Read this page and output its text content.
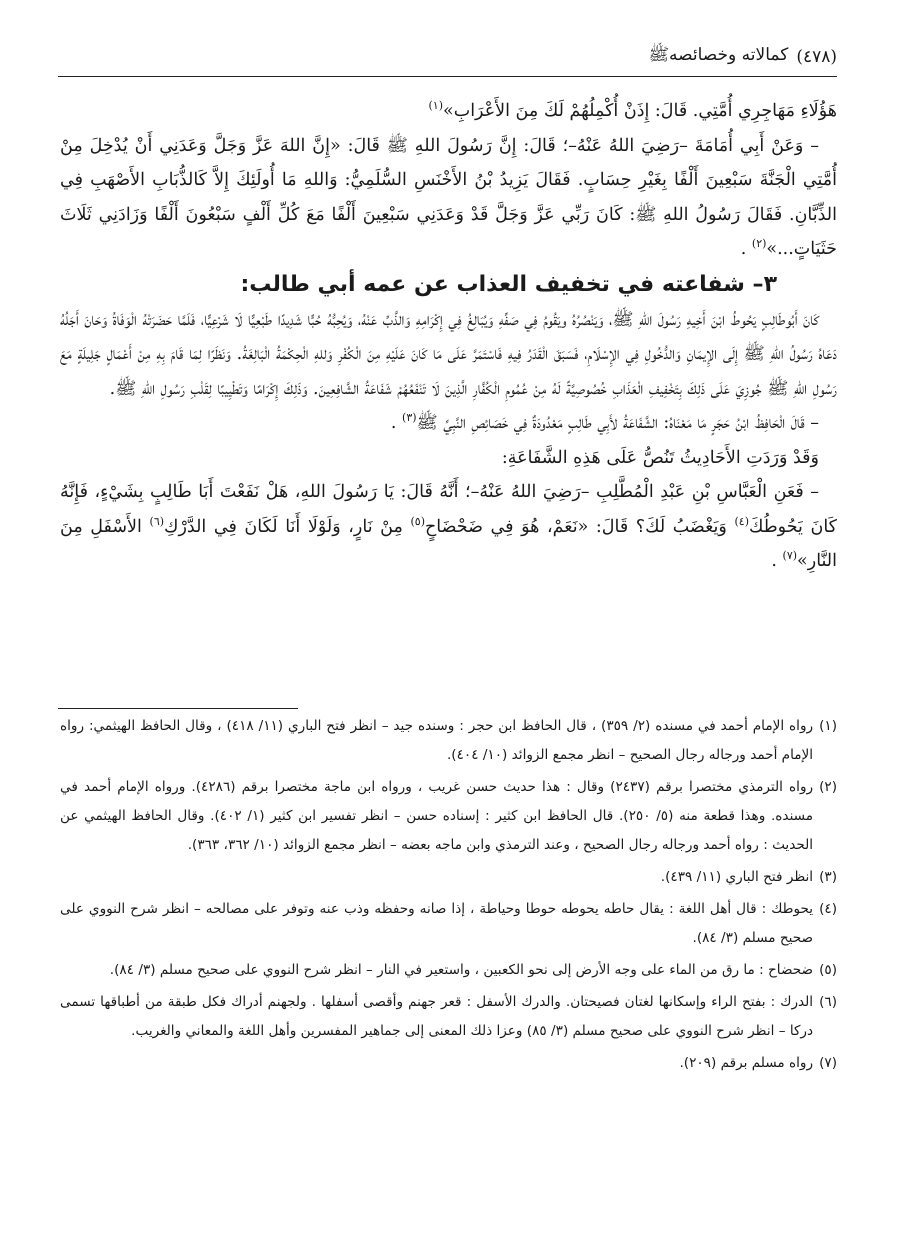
(٤٧٨)
كمالاته وخصائصهﷺ

هَؤُلَاءِ مَهَاجِرِي أُمَّتِي. قَالَ: إِذَنْ أُكْمِلُهُمْ لَكَ مِنَ الأَعْرَابِ»$^{(١)}$

– وَعَنْ أَبِي أُمَامَةَ –رَضِيَ اللهُ عَنْهُ–؛ قَالَ: إِنَّ رَسُولَ اللهِ ﷺ قَالَ: «إِنَّ اللهَ عَزَّ وَجَلَّ وَعَدَنِي أَنْ يُدْخِلَ مِنْ أُمَّتِي الْجَنَّةَ سَبْعِينَ أَلْفًا بِغَيْرِ حِسَابٍ. فَقَالَ يَزِيدُ بْنُ الأَخْنَسِ السُّلَمِيُّ: وَاللهِ مَا أُولَئِكَ إِلاَّ كَالذُّبَابِ الأَصْهَبِ فِي الذِّبَّانِ. فَقَالَ رَسُولُ اللهِ ﷺ: كَانَ رَبِّي عَزَّ وَجَلَّ قَدْ وَعَدَنِي سَبْعِينَ أَلْفًا مَعَ كُلِّ أَلْفٍ سَبْعُونَ أَلْفًا وَزَادَنِي ثَلَاثَ حَثَيَاتٍ...»$^{(٢)}$ .

٣– شفاعته في تخفيف العذاب عن عمه أبي طالب:

كَانَ أَبُوطَالِبٍ يَحُوطُ ابْنَ أَخِيهِ رَسُولَ اللهِ ﷺ، وَيَنْصُرُهُ ويَقُومُ فِي صَفِّهِ وَيُبَالِغُ فِي إِكْرَامِهِ وَالذَّبِّ عَنْهُ، وَيُحِبُّهُ حُبًّا شَدِيدًا طَبْعِيًّا لَا شَرْعِيًّا، فَلَمَّا حَضَرَتْهُ الْوَفَاةُ وَحَانَ أَجَلُهُ دَعَاهُ رَسُولُ اللهِ ﷺ إِلَى الإِيمَانِ وَالدُّخُولِ فِي الإِسْلَامِ، فَسَبَقَ الْقَدَرُ فِيهِ فَاسْتَمَرَّ عَلَى مَا كَانَ عَلَيْهِ مِنَ الْكُفْرِ وَللهِ الْحِكْمَةُ الْبَالِغَةُ. وَنَظَرًا لِمَا قَامَ بِهِ مِنْ أَعْمَالٍ جَلِيلَةٍ مَعَ رَسُولِ اللهِ ﷺ جُوزِيَ عَلَى ذَلِكَ بِتَخْفِيفِ الْعَذَابِ خُصُوصِيَّةً لَهُ مِنْ عُمُومِ الْكُفَّارِ الَّذِينَ لَا تَنْفَعُهُمْ شَفَاعَةُ الشَّافِعِينَ. وَذَلِكَ إِكْرَامًا وَتَطْيِيبًا لِقَلْبِ رَسُولِ اللهِ ﷺ.

– قَالَ الْحَافِظُ ابْنُ حَجَرٍ مَا مَعْنَاهُ: الشَّفَاعَةُ لأَبِي طَالِبٍ مَعْدُودَةٌ فِي خَصَائِصِ النَّبِيِّ ﷺ$^{(٣)}$ .

وَقَدْ وَرَدَتِ الأَحَادِيثُ تَنُصُّ عَلَى هَذِهِ الشَّفَاعَةِ:

– فَعَنِ الْعَبَّاسِ بْنِ عَبْدِ الْمُطَّلِبِ –رَضِيَ اللهُ عَنْهُ–؛ أَنَّهُ قَالَ: يَا رَسُولَ اللهِ، هَلْ نَفَعْتَ أَبَا طَالِبٍ بِشَيْءٍ، فَإِنَّهُ كَانَ يَحُوطُكَ$^{(٤)}$ وَيَغْضَبُ لَكَ؟ قَالَ: «نَعَمْ، هُوَ فِي ضَحْضَاحٍ$^{(٥)}$ مِنْ نَارٍ، وَلَوْلَا أَنَا لَكَانَ فِي الدَّرْكِ$^{(٦)}$ الأَسْفَلِ مِنَ النَّارِ»$^{(٧)}$ .

(١)
رواه الإمام أحمد في مسنده (٢/ ٣٥٩) ، قال الحافظ ابن حجر : وسنده جيد – انظر فتح الباري (١١/ ٤١٨) ، وقال الحافظ الهيثمي: رواه الإمام أحمد ورجاله رجال الصحيح – انظر مجمع الزوائد (١٠/ ٤٠٤).
(٢)
رواه الترمذي مختصرا برقم (٢٤٣٧) وقال : هذا حديث حسن غريب ، ورواه ابن ماجة مختصرا برقم (٤٢٨٦). ورواه الإمام أحمد في مسنده. وهذا قطعة منه (٥/ ٢٥٠). قال الحافظ ابن كثير : إسناده حسن – انظر تفسير ابن كثير (١/ ٤٠٢). وقال الحافظ الهيثمي عن الحديث : رواه أحمد ورجاله رجال الصحيح ، وعند الترمذي وابن ماجه بعضه – انظر مجمع الزوائد (١٠/ ٣٦٢، ٣٦٣).
(٣)
انظر فتح الباري (١١/ ٤٣٩).
(٤)
يحوطك : قال أهل اللغة : يقال حاطه يحوطه حوطا وحياطة ، إذا صانه وحفظه وذب عنه وتوفر على مصالحه – انظر شرح النووي على صحيح مسلم (٣/ ٨٤).
(٥)
ضحضاح : ما رق من الماء على وجه الأرض إلى نحو الكعبين ، واستعير في النار – انظر شرح النووي على صحيح مسلم (٣/ ٨٤).
(٦)
الدرك : بفتح الراء وإسكانها لغتان فصيحتان. والدرك الأسفل : قعر جهنم وأقصى أسفلها . ولجهنم أدراك فكل طبقة من أطباقها تسمى دركا – انظر شرح النووي على صحيح مسلم (٣/ ٨٥) وعزا ذلك المعنى إلى جماهير المفسرين وأهل اللغة والمعاني والغريب.
(٧)
رواه مسلم برقم (٢٠٩).
